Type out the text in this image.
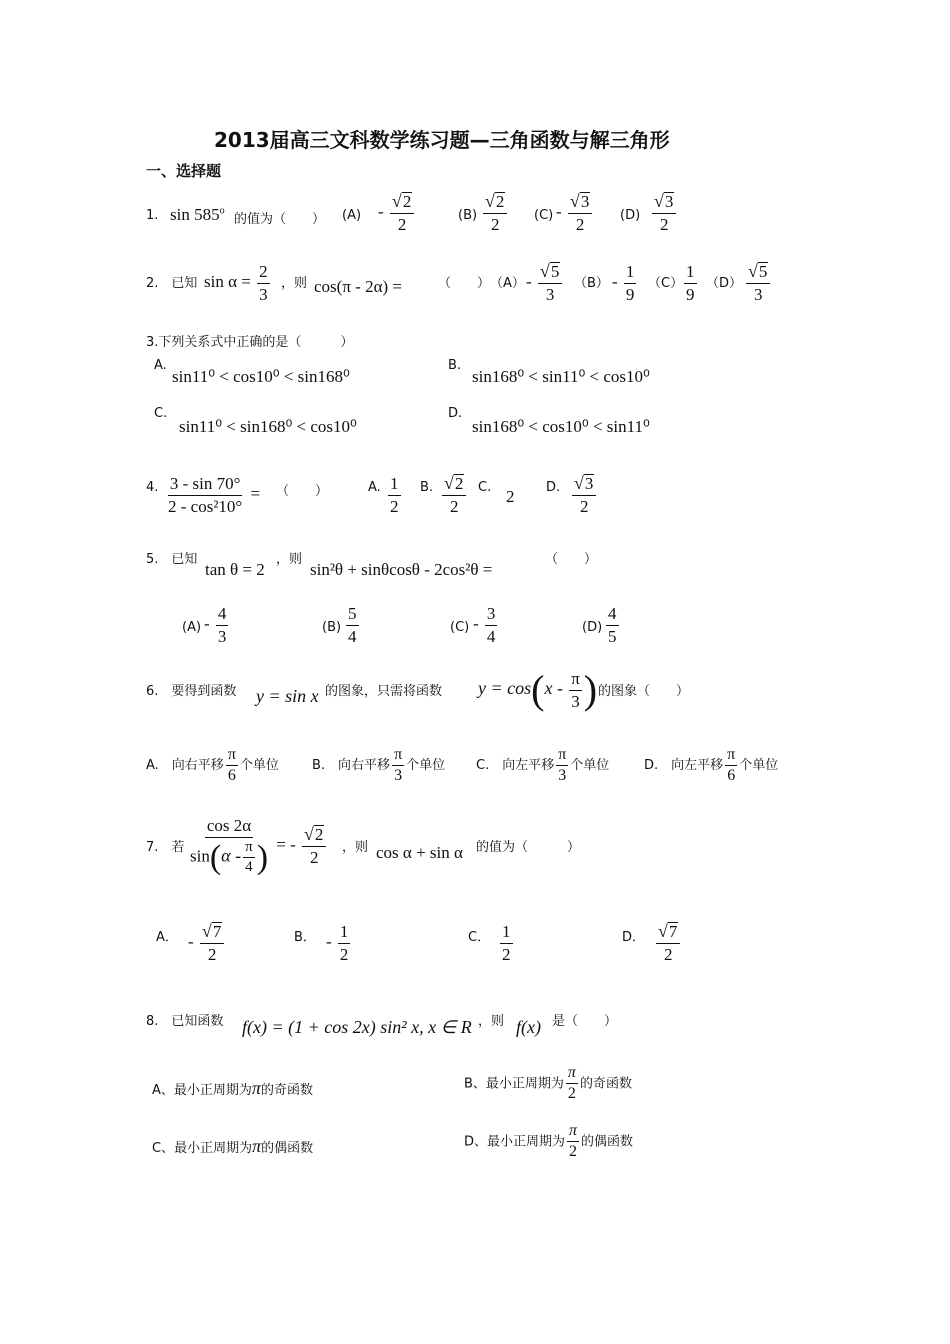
2013届高三文科数学练习题—三角函数与解三角形
一、选择题
1. sin 585$^o$
的值为（　　） $(A) - \frac{√ 2}{2}$	$(B) \frac{√ 2}{2} (C) - \frac{√ 3}{2} (D) \frac{√ 3}{2}$
2.　已知 $\sin \alpha = \frac{2}{3}$ ，则 cos(π - 2α) =	（　　） $(A) - \frac{√ 5}{3} (B) - \frac{1}{9} (C) \frac{1}{9} (D) \frac{√ 5}{3}$
3.下列关系式中正确的是（　　　）
A.
sin11⁰ < cos10⁰ < sin168⁰
B.
sin168⁰ < sin11⁰ < cos10⁰
C.
sin11⁰ < sin168⁰ < cos10⁰
D.
sin168⁰ < cos10⁰ < sin11⁰
4. $\frac{3 - \sin 70^\circ}{\text{2 - cos²10°}}$ = （　　）	A. $\frac{1}{2} B$. $\frac{√ 2}{2} C$. 2 D. $\frac{√ 3}{2}$
5.　已知
tan θ = 2
，则
sin²θ + sinθcosθ - 2cos²θ =
（　　）
$(A) - \frac{4}{3}$	$(B) \frac{5}{4}$	$(C) - \frac{3}{4}$	$(D) \frac{4}{5}$
6.　要得到函数 y = sin x 的图象，只需将函数 $y = \cos(x - \frac{\pi}{3}$ ) 的图象（　　）
A.　向右平移 $\frac{\pi}{6}$ 个单位	B.　向右平移 $\frac{\pi}{3}$ 个单位 C.　向左平移 $\frac{\pi}{3}$ 个单位	D.　向左平移 $\frac{\pi}{6}$ 个单位
7.　若 $\frac{\cos 2\alpha}{\sin(\alpha - \frac{\pi}{4} )}$ = - $\frac{√ 2}{2}$ ，则 cos α + sin α 的值为（　　　）
A． - $\frac{√ 7}{2}$	B． - $\frac{1}{2}$	C． $\frac{1}{2}$	D． $\frac{√ 7}{2}$
8.　已知函数 f(x) = (1 + cos 2x) sin² x, x ∈ R ，则 f(x) 是（　　）
A、最小正周期为π的奇函数	B、最小正周期为 $\frac{\pi}{2}$ 的奇函数
C、最小正周期为π的偶函数	D、最小正周期为 $\frac{\pi}{2}$ 的偶函数
